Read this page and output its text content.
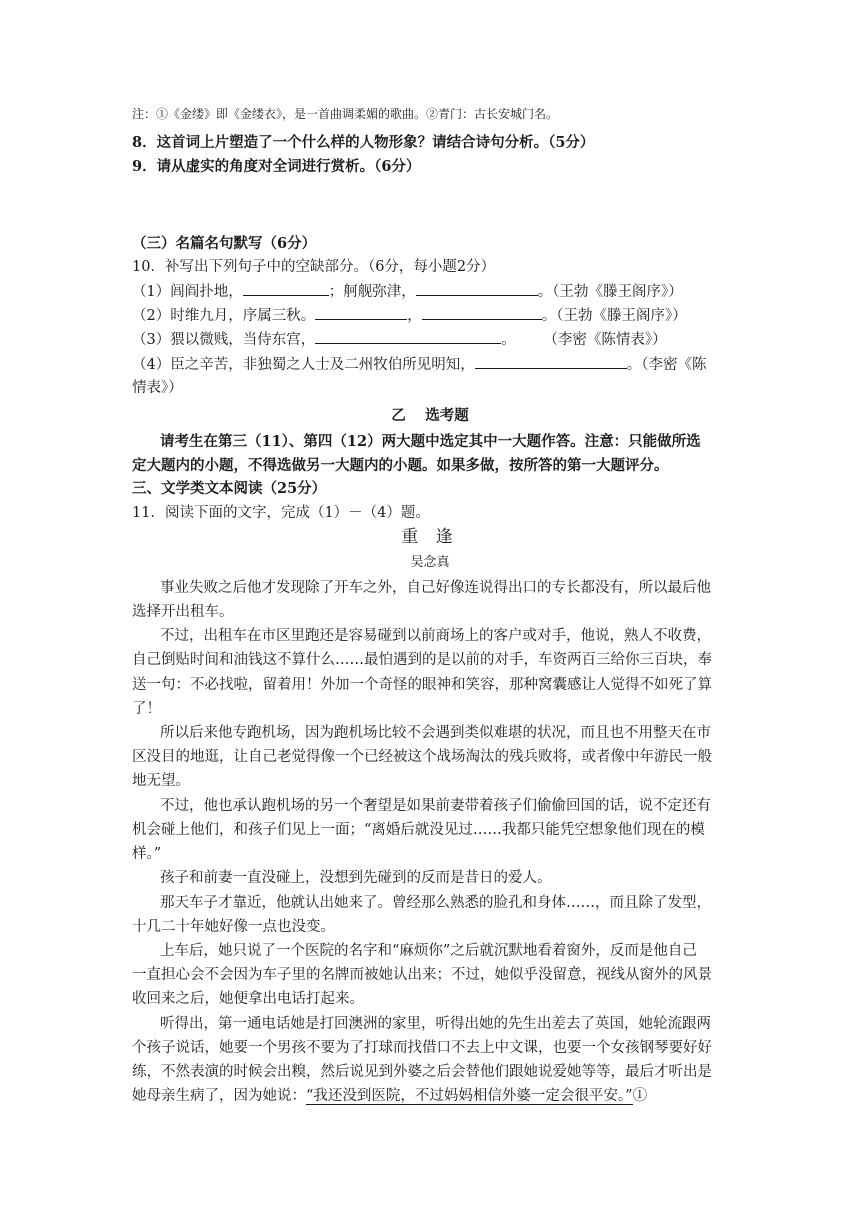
注：①《金缕》即《金缕衣》，是一首曲调柔媚的歌曲。②青门：古长安城门名。
8．这首词上片塑造了一个什么样的人物形象？请结合诗句分析。（5分）
9．请从虚实的角度对全词进行赏析。（6分）
（三）名篇名句默写（6分）
10．补写出下列句子中的空缺部分。（6分，每小题2分）
（1）闾阎扑地，	；舸舰弥津，	。（王勃《滕王阁序》）
（2）时维九月，序属三秋。	，	。（王勃《滕王阁序》）
（3）猥以微贱，当侍东宫，	。 （李密《陈情表》）
（4）臣之辛苦，非独蜀之人士及二州牧伯所见明知，	。（李密《陈
情表》）
乙　 选考题
请考生在第三（11）、第四（12）两大题中选定其中一大题作答。注意：只能做所选
定大题内的小题，不得选做另一大题内的小题。如果多做，按所答的第一大题评分。
三、文学类文本阅读（25分）
11．阅读下面的文字，完成（1）－（4）题。
重 逢
吴念真
事业失败之后他才发现除了开车之外，自己好像连说得出口的专长都没有，所以最后他
选择开出租车。
不过，出租车在市区里跑还是容易碰到以前商场上的客户或对手，他说，熟人不收费，
自己倒贴时间和油钱这不算什么……最怕遇到的是以前的对手，车资两百三给你三百块，奉
送一句：不必找啦，留着用！外加一个奇怪的眼神和笑容，那种窝囊感让人觉得不如死了算
了！
所以后来他专跑机场，因为跑机场比较不会遇到类似难堪的状况，而且也不用整天在市
区没目的地逛，让自己老觉得像一个已经被这个战场淘汰的残兵败将，或者像中年游民一般
地无望。
不过，他也承认跑机场的另一个奢望是如果前妻带着孩子们偷偷回国的话，说不定还有
机会碰上他们，和孩子们见上一面；“离婚后就没见过……我都只能凭空想象他们现在的模
样。”
孩子和前妻一直没碰上，没想到先碰到的反而是昔日的爱人。
那天车子才靠近，他就认出她来了。曾经那么熟悉的脸孔和身体……，而且除了发型，
十几二十年她好像一点也没变。
上车后，她只说了一个医院的名字和“麻烦你”之后就沉默地看着窗外，反而是他自己
一直担心会不会因为车子里的名牌而被她认出来；不过，她似乎没留意，视线从窗外的风景
收回来之后，她便拿出电话打起来。
听得出，第一通电话她是打回澳洲的家里，听得出她的先生出差去了英国，她轮流跟两
个孩子说话，她要一个男孩不要为了打球而找借口不去上中文课，也要一个女孩钢琴要好好
练，不然表演的时候会出糗，然后说见到外婆之后会替他们跟她说爱她等等，最后才听出是
她母亲生病了，因为她说：“我还没到医院，不过妈妈相信外婆一定会很平安。”①
